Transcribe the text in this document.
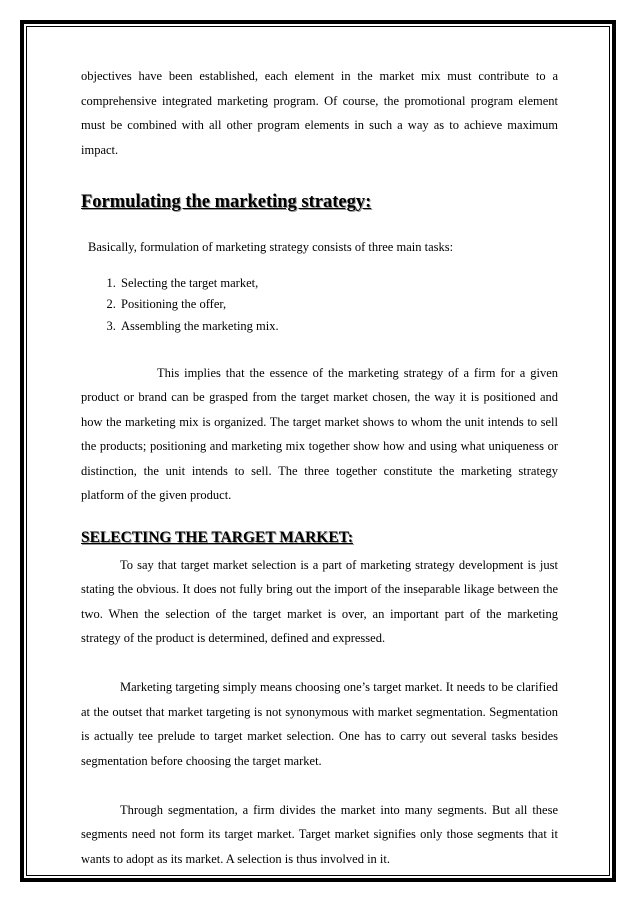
objectives have been established, each element in the market mix must contribute to a comprehensive integrated marketing program. Of course, the promotional program element must be combined with all other program elements in such a way as to achieve maximum impact.

Formulating the marketing strategy:

Basically, formulation of marketing strategy consists of three main tasks:

1. Selecting the target market,
2. Positioning the offer,
3. Assembling the marketing mix.

This implies that the essence of the marketing strategy of a firm for a given product or brand can be grasped from the target market chosen, the way it is positioned and how the marketing mix is organized. The target market shows to whom the unit intends to sell the products; positioning and marketing mix together show how and using what uniqueness or distinction, the unit intends to sell. The three together constitute the marketing strategy platform of the given product.

SELECTING THE TARGET MARKET:

To say that target market selection is a part of marketing strategy development is just stating the obvious. It does not fully bring out the import of the inseparable likage between the two. When the selection of the target market is over, an important part of the marketing strategy of the product is determined, defined and expressed.

Marketing targeting simply means choosing one’s target market. It needs to be clarified at the outset that market targeting is not synonymous with market segmentation. Segmentation is actually tee prelude to target market selection. One has to carry out several tasks besides segmentation before choosing the target market.

Through segmentation, a firm divides the market into many segments. But all these segments need not form its target market. Target market signifies only those segments that it wants to adopt as its market. A selection is thus involved in it.
